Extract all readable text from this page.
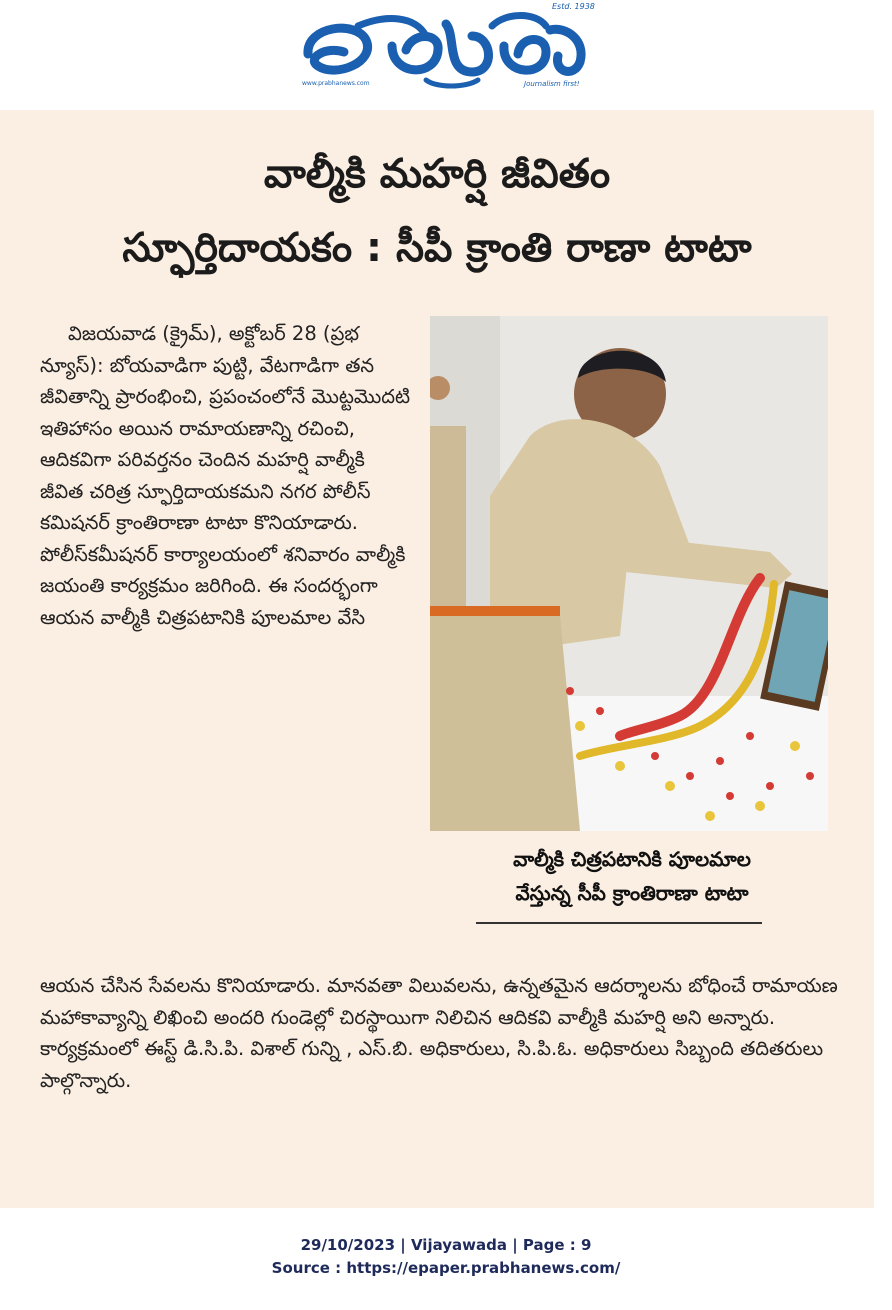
Estd. 1938
www.prabhanews.com	Journalism first!
వాల్మీకి మహర్షి జీవితం
స్ఫూర్తిదాయకం : సీపీ క్రాంతి రాణా టాటా
విజయవాడ (క్రైమ్), అక్టోబర్ 28 (ప్రభ న్యూస్): బోయవాడిగా పుట్టి, వేటగాడిగా తన జీవితాన్ని ప్రారంభించి, ప్రపంచంలోనే మొట్టమొదటి ఇతిహాసం అయిన రామాయణాన్ని రచించి, ఆదికవిగా పరివర్తనం చెందిన మహర్షి వాల్మీకి జీవిత చరిత్ర స్ఫూర్తిదాయకమని నగర పోలీస్ కమిషనర్ క్రాంతిరాణా టాటా కొనియాడారు. పోలీస్‌కమీషనర్ కార్యాలయంలో శనివారం వాల్మీకి జయంతి కార్యక్రమం జరిగింది. ఈ సందర్భంగా ఆయన వాల్మీకి చిత్రపటానికి పూలమాల వేసి
వాల్మీకి చిత్రపటానికి పూలమాల
వేస్తున్న సీపీ క్రాంతిరాణా టాటా
ఆయన చేసిన సేవలను కొనియాడారు. మానవతా విలువలను, ఉన్నతమైన ఆదర్శాలను బోధించే రామాయణ మహాకావ్యాన్ని లిఖించి అందరి గుండెల్లో చిరస్థాయిగా నిలిచిన ఆదికవి వాల్మీకి మహర్షి అని అన్నారు. కార్యక్రమంలో ఈస్ట్ డి.సి.పి. విశాల్ గున్ని , ఎస్.బి. అధికారులు, సి.పి.ఓ. అధికారులు సిబ్బంది తదితరులు పాల్గొన్నారు.
29/10/2023 | Vijayawada | Page : 9
Source : https://epaper.prabhanews.com/
